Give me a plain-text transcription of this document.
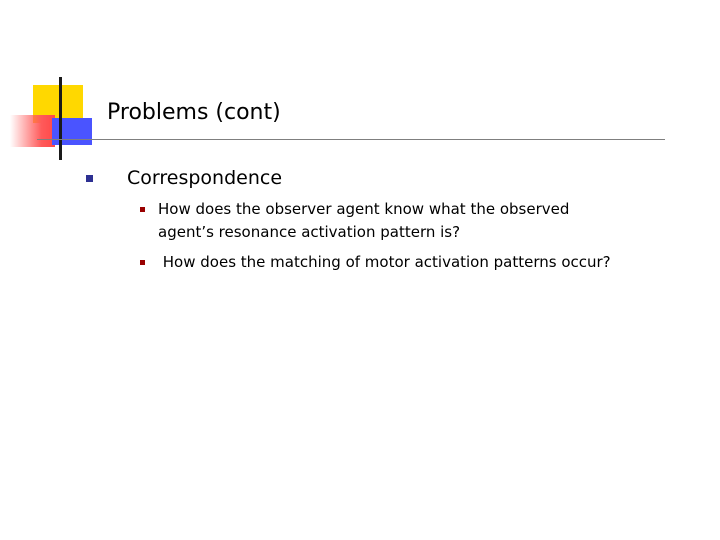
Problems (cont)
Correspondence
How does the observer agent know what the observed agent’s resonance activation pattern is?
How does the matching of motor activation patterns occur?
